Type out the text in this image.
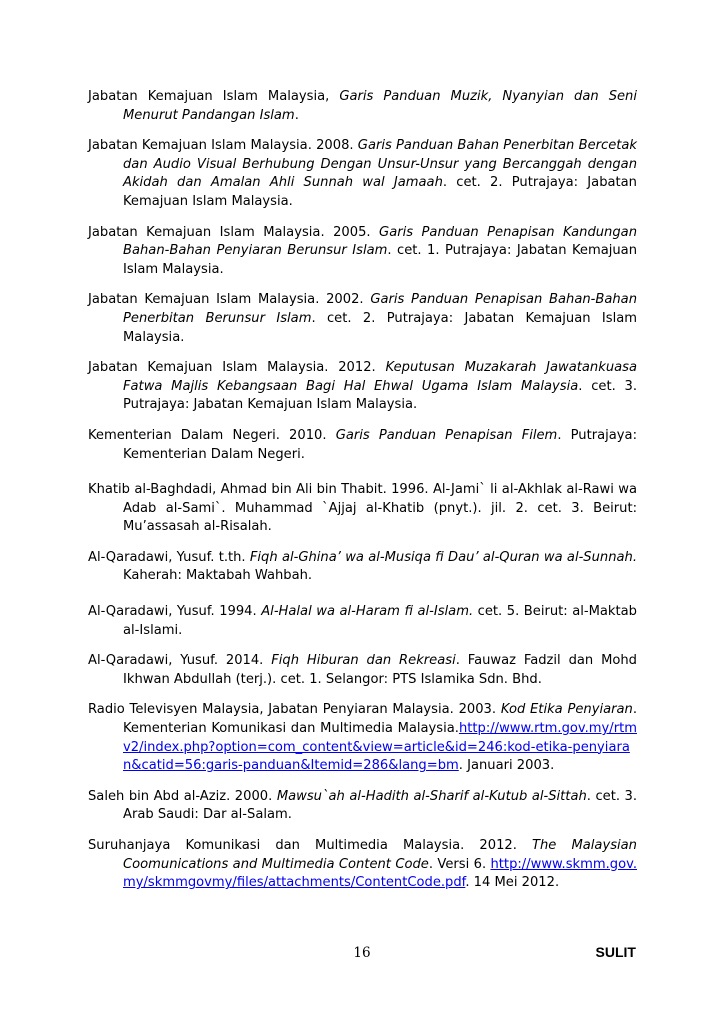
Jabatan Kemajuan Islam Malaysia, Garis Panduan Muzik, Nyanyian dan Seni Menurut Pandangan Islam.

Jabatan Kemajuan Islam Malaysia. 2008. Garis Panduan Bahan Penerbitan Bercetak dan Audio Visual Berhubung Dengan Unsur-Unsur yang Bercanggah dengan Akidah dan Amalan Ahli Sunnah wal Jamaah. cet. 2. Putrajaya: Jabatan Kemajuan Islam Malaysia.

Jabatan Kemajuan Islam Malaysia. 2005. Garis Panduan Penapisan Kandungan Bahan-Bahan Penyiaran Berunsur Islam. cet. 1. Putrajaya: Jabatan Kemajuan Islam Malaysia.

Jabatan Kemajuan Islam Malaysia. 2002. Garis Panduan Penapisan Bahan-Bahan Penerbitan Berunsur Islam. cet. 2. Putrajaya: Jabatan Kemajuan Islam Malaysia.

Jabatan Kemajuan Islam Malaysia. 2012. Keputusan Muzakarah Jawatankuasa Fatwa Majlis Kebangsaan Bagi Hal Ehwal Ugama Islam Malaysia. cet. 3. Putrajaya: Jabatan Kemajuan Islam Malaysia.

Kementerian Dalam Negeri. 2010. Garis Panduan Penapisan Filem. Putrajaya: Kementerian Dalam Negeri.

Khatib al-Baghdadi, Ahmad bin Ali bin Thabit. 1996. Al-Jami` li al-Akhlak al-Rawi wa Adab al-Sami`. Muhammad `Ajjaj al-Khatib (pnyt.). jil. 2. cet. 3. Beirut: Mu’assasah al-Risalah.

Al-Qaradawi, Yusuf. t.th. Fiqh al-Ghina’ wa al-Musiqa fi Dau’ al-Quran wa al-Sunnah. Kaherah: Maktabah Wahbah.

Al-Qaradawi, Yusuf. 1994. Al-Halal wa al-Haram fi al-Islam. cet. 5. Beirut: al-Maktab al-Islami.

Al-Qaradawi, Yusuf. 2014. Fiqh Hiburan dan Rekreasi. Fauwaz Fadzil dan Mohd Ikhwan Abdullah (terj.). cet. 1. Selangor: PTS Islamika Sdn. Bhd.

Radio Televisyen Malaysia, Jabatan Penyiaran Malaysia. 2003. Kod Etika Penyiaran. Kementerian Komunikasi dan Multimedia Malaysia.http://www.rtm.gov.my/rtmv2/index.php?option=com_content&view=article&id=246:kod-etika-penyiaran&catid=56:garis-panduan&Itemid=286&lang=bm. Januari 2003.

Saleh bin Abd al-Aziz. 2000. Mawsu`ah al-Hadith al-Sharif al-Kutub al-Sittah. cet. 3. Arab Saudi: Dar al-Salam.

Suruhanjaya Komunikasi dan Multimedia Malaysia. 2012. The Malaysian Coomunications and Multimedia Content Code. Versi 6. http://www.skmm.gov.my/skmmgovmy/files/attachments/ContentCode.pdf. 14 Mei 2012.

16	SULIT
